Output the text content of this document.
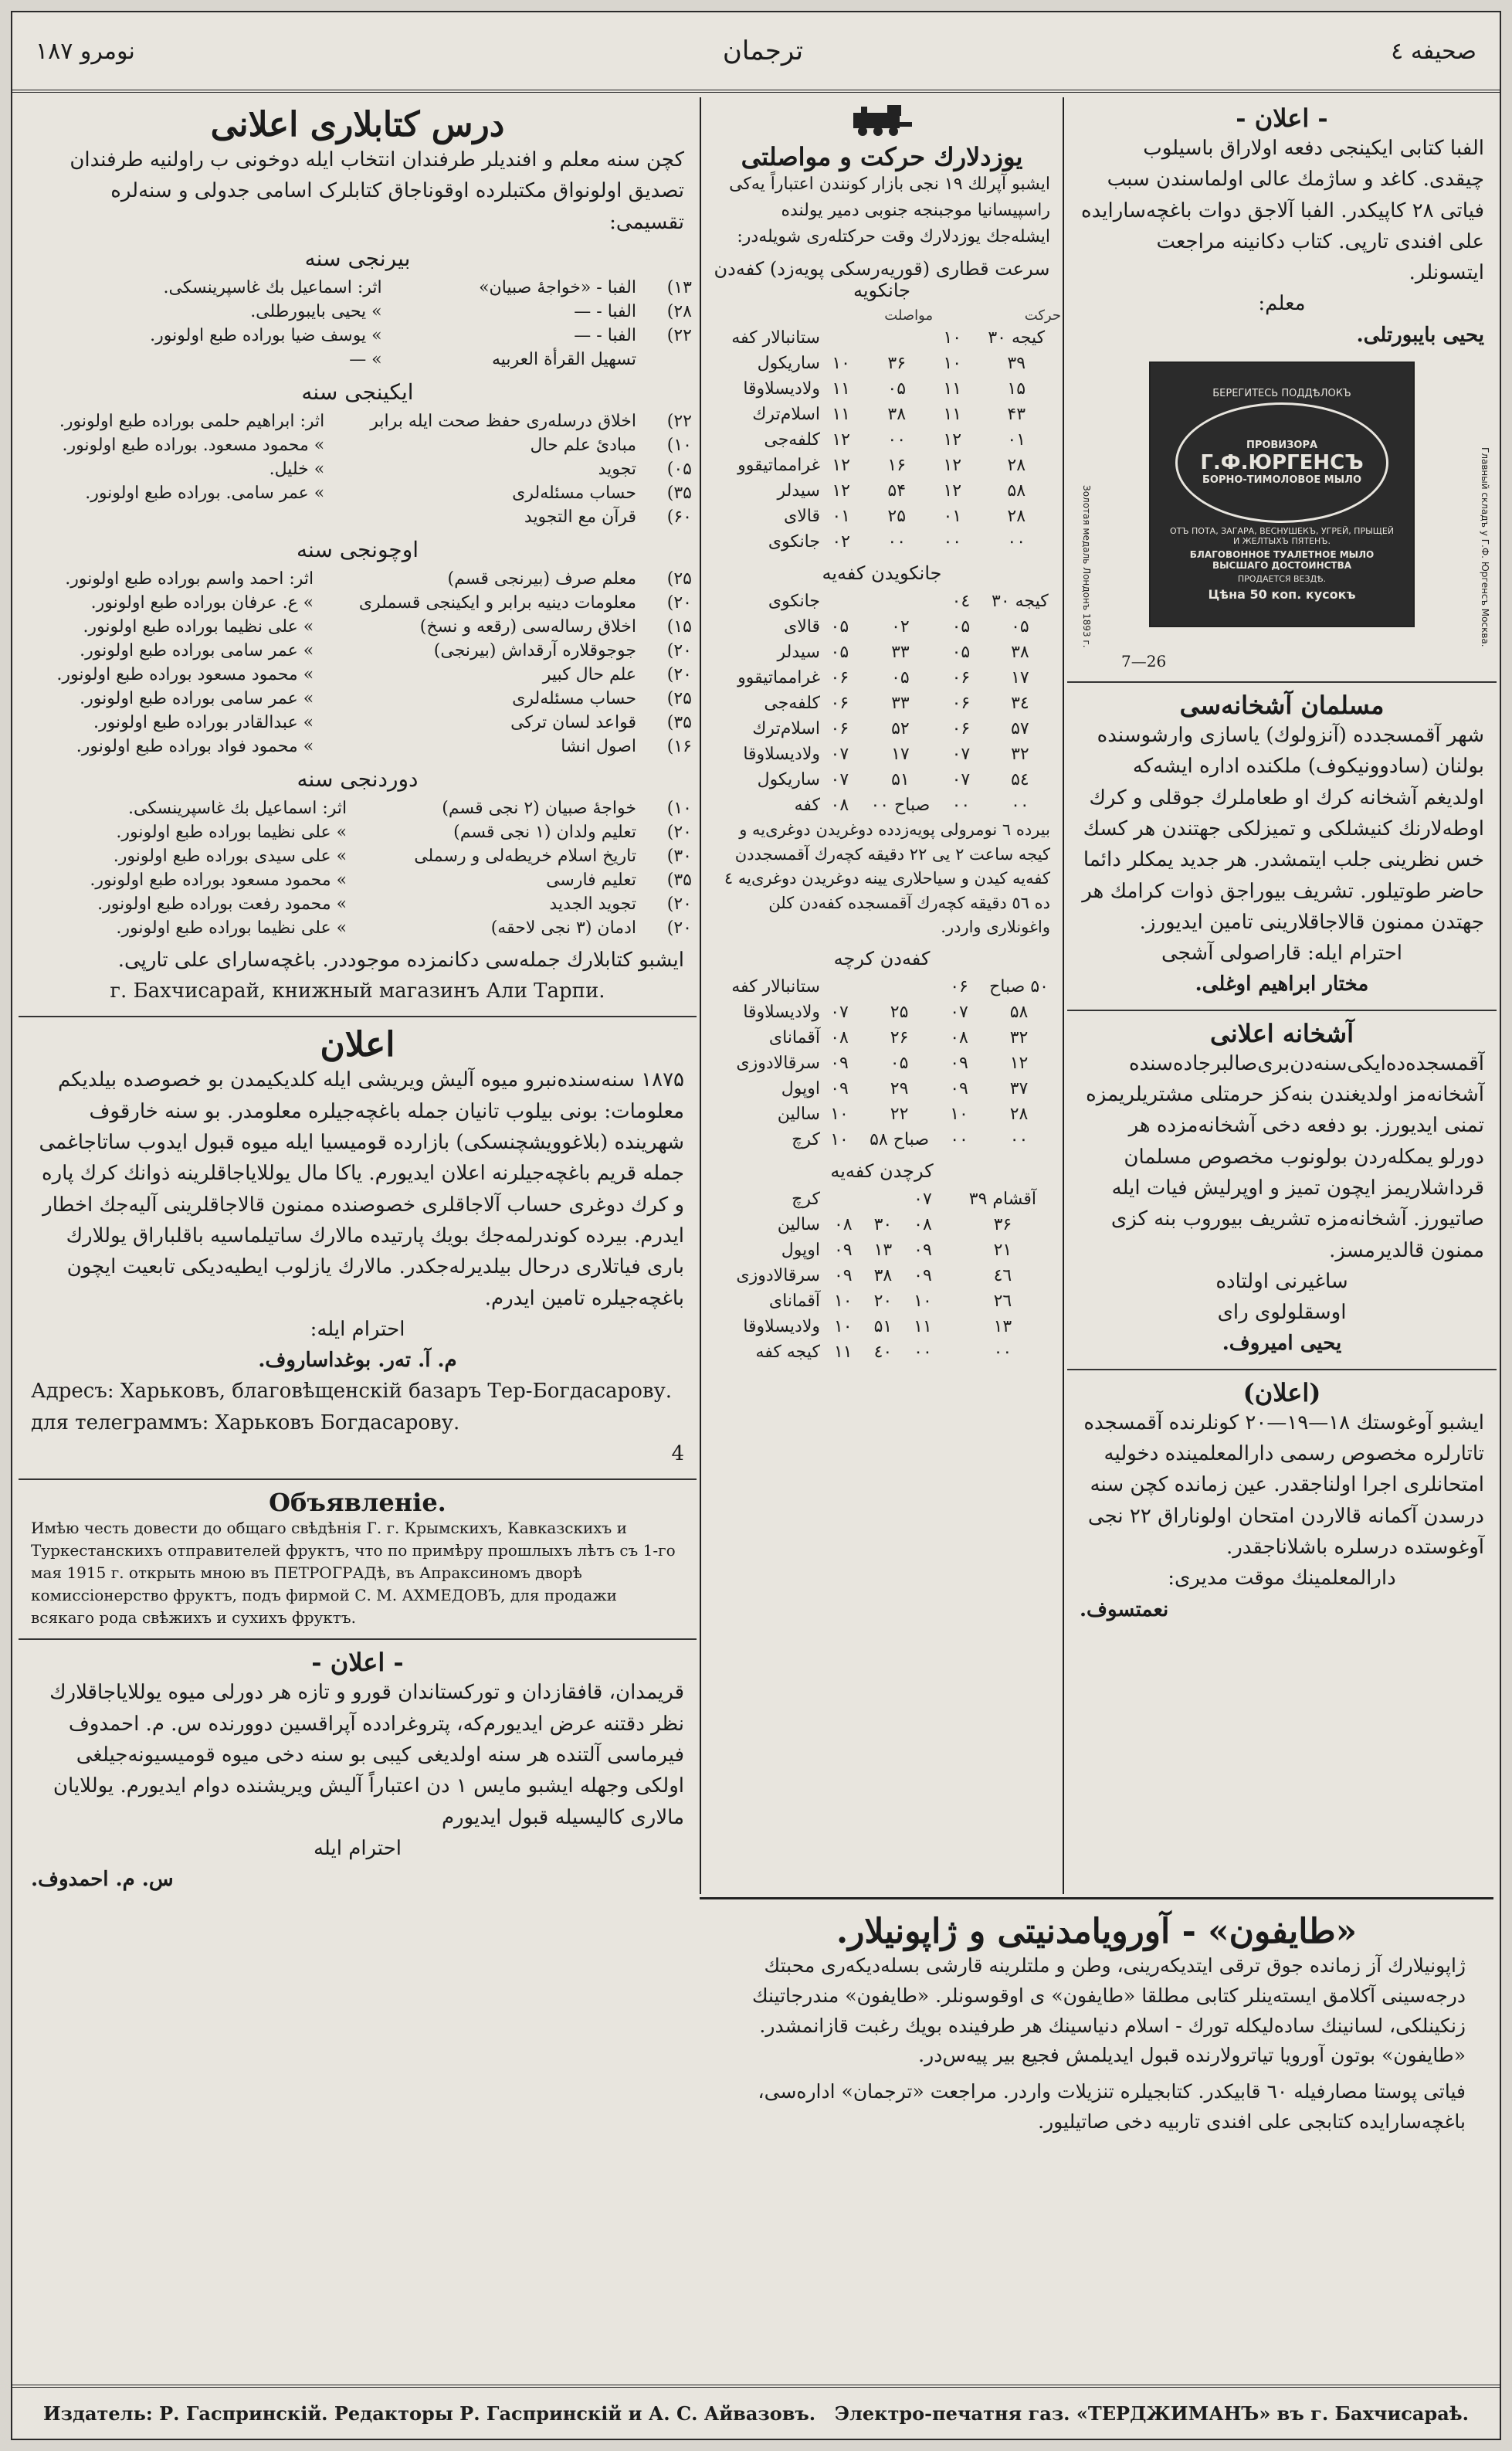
نومرو ۱۸۷	ترجمان	صحیفه ٤
درس کتابلاری اعلانی
کچن سنه معلم و افندیلر طرفندان انتخاب ایله دوخونی ب راولنیه طرفندان تصدیق اولونواق مکتبلرده اوقوناجاق کتابلرک اسامی جدولی و سنه‌لره تقسیمی:
بیرنجی سنه
۱۳)	الفبا - «خواجهٔ صبیان»	اثر: اسماعیل بك غاسپرینسکی.
۲۸)	الفبا - —	» یحیی بایبورطلی.
۲۲)	الفبا - —	» یوسف ضیا بوراده طبع اولونور.
	تسهیل القرأة العربیه	» —
ایکینجی سنه
۲۲)	اخلاق درسله‌ری حفظ صحت ایله برابر	اثر: ابراهیم حلمی بوراده طبع اولونور.
۱۰)	مبادیٔ علم حال	» محمود مسعود. بوراده طبع اولونور.
۰۵)	تجوید	» خلیل.
۳۵)	حساب مسئله‌لری	» عمر سامی. بوراده طبع اولونور.
۶۰)	قرآن مع التجوید	
اوچونجی سنه
۲۵)	معلم صرف (بیرنجی قسم)	اثر: احمد واسم بوراده طبع اولونور.
۲۰)	معلومات دینیه برابر و ایکینجی قسملری	» ع. عرفان بوراده طبع اولونور.
۱۵)	اخلاق رساله‌سی (رقعه و نسخ)	» علی نظیما بوراده طبع اولونور.
۲۰)	جوجوقلاره آرقداش (بیرنجی)	» عمر سامی بوراده طبع اولونور.
۲۰)	علم حال کبیر	» محمود مسعود بوراده طبع اولونور.
۲۵)	حساب مسئله‌لری	» عمر سامی بوراده طبع اولونور.
۳۵)	قواعد لسان ترکی	» عبدالقادر بوراده طبع اولونور.
۱۶)	اصول انشا	» محمود فواد بوراده طبع اولونور.
دوردنجی سنه
۱۰)	خواجهٔ صبیان (۲ نجی قسم)	اثر: اسماعیل بك غاسپرینسکی.
۲۰)	تعلیم ولدان (۱ نجی قسم)	» علی نظیما بوراده طبع اولونور.
۳۰)	تاریخ اسلام خریطه‌لی و رسملی	» علی سیدی بوراده طبع اولونور.
۳۵)	تعلیم فارسی	» محمود مسعود بوراده طبع اولونور.
۲۰)	تجوید الجدید	» محمود رفعت بوراده طبع اولونور.
۲۰)	ادمان (۳ نجی لاحقه)	» علی نظیما بوراده طبع اولونور.
ایشبو کتابلارك جمله‌سی دکانمزده موجوددر. باغچه‌سارای علی تارپی.
г. Бахчисарай, книжный магазинъ Али Тарпи.
اعلان
۱۸۷۵ سنه‌سنده‌نبرو میوه آلیش ویریشی ایله کلدیکیمدن بو خصوصده بیلدیکم معلومات: بونی بیلوب تانیان جمله باغچه‌جیلره معلومدر. بو سنه خارقوف شهرینده (بلاغوویشچنسکی) بازارده قومیسیا ایله میوه قبول ایدوب ساتاجاغمی جمله قریم باغچه‌جیلرنه اعلان ایدیورم. یاکا مال یوللایاجاقلرینه ذوانك كرك پاره و كرك دوغری حساب آلاجاقلری خصوصنده ممنون قالاجاقلرینی آلیه‌جك اخطار ایدرم. بیرده کوندرلمه‌جك بویك پارتیده مالارك ساتیلماسیه باقلباراق یوللارك باری فیاتلاری درحال بیلدیرله‌جکدر. مالارك یازلوب ایطیه‌دیکی تابعیت ایچون باغچه‌جیلره تامین ایدرم.
احترام ایله:
م. آ. تەر. بوغداساروف.
Адресъ: Харьковъ, благовѣщенскій базаръ Тер-Богдасарову.
для телеграммъ: Харьковъ Богдасарову.
4
Объявленіе.
Имѣю честь довести до общаго свѣдѣнія Г. г. Крымскихъ, Кавказскихъ и Туркестанскихъ отправителей фруктъ, что по примѣру прошлыхъ лѣтъ съ 1-го мая 1915 г. открыть мною въ ПЕТРОГРАДѣ, въ Апраксиномъ дворѣ комиссіонерство фруктъ, подъ фирмой С. М. АХМЕДОВЪ, для продажи всякаго рода свѣжихъ и сухихъ фруктъ.
- اعلان -
قریمدان، قافقازدان و تورکستاندان قورو و تازه هر دورلی میوه یوللایاجاقلارك نظر دقتنه عرض ایدیورم‌که، پتروغرادده آپراقسین دوورنده س. م. احمدوف فیرماسی آلتنده هر سنه اولدیغی کیبی بو سنه دخی میوه‌ قومیسیونه‌جیلغی اولکی وجهله ایشبو مایس ۱ دن اعتباراً آلیش ویریشنده دوام ایدیورم. یوللایان مالاری کالیسیله قبول ایدیورم
احترام ایله
س. م. احمدوف.
یوزدلارك حرکت و مواصلتی
ایشبو آپرلك ۱۹ نجی بازار کونندن اعتباراً یه‌کی راسپیسانیا موجبنجه جنوبی دمیر یولنده ایشله‌جك یوزدلارك وقت حرکتله‌ری شویله‌در:
سرعت قطاری (قوریه‌رسکی پویه‌زد) کفه‌دن جانکویه
حرکت		مواصلت		
کیجه ۳۰	۱۰			ستانبالار کفه
۳۹	۱۰	۳۶	۱۰	ساریکول
۱۵	۱۱	۰۵	۱۱	ولادیسلاوقا
۴۳	۱۱	۳۸	۱۱	اسلام‌ترك
۰۱	۱۲	۰۰	۱۲	کلفه‌جی
۲۸	۱۲	۱۶	۱۲	غرامماتیقوو
۵۸	۱۲	۵۴	۱۲	سیدلر
۲۸	۰۱	۲۵	۰۱	قالای
۰۰	۰۰	۰۰	۰۲	جانکوی
جانکویدن کفه‌یه
کیجه ۳۰	۰٤			جانکوی
۰۵	۰۵	۰۲	۰۵	قالای
۳۸	۰۵	۳۳	۰۵	سیدلر
۱۷	۰۶	۰۵	۰۶	غرامماتیقوو
۳٤	۰۶	۳۳	۰۶	کلفه‌جی
۵۷	۰۶	۵۲	۰۶	اسلام‌ترك
۳۲	۰۷	۱۷	۰۷	ولادیسلاوقا
۵٤	۰۷	۵۱	۰۷	ساریکول
۰۰	۰۰	صباح ۰۰	۰۸	کفه
بیرده ٦ نومرولی پویه‌زدده دوغریدن دوغری‌یه و کیجه ساعت ۲ یی ۲۲ دقیقه کچه‌رك آقمسجددن کفه‌یه کیدن و سیاحلاری یینه دوغریدن دوغری‌یه ٤ ده ٥٦ دقیقه کچه‌رك آقمسجده کفه‌دن کلن واغونلاری واردر.
کفه‌دن کرچه
۵۰ صباح	۰۶			ستانبالار کفه
۵۸	۰۷	۲۵	۰۷	ولادیسلاوقا
۳۲	۰۸	۲۶	۰۸	آقمانای
۱۲	۰۹	۰۵	۰۹	سرقالادوزی
۳۷	۰۹	۲۹	۰۹	اوپول
۲۸	۱۰	۲۲	۱۰	سالین
۰۰	۰۰	صباح ۵۸	۱۰	کرچ
کرچدن کفه‌یه
آقشام ۳۹	۰۷			کرچ
۳۶	۰۸	۳۰	۰۸	سالین
۲۱	۰۹	۱۳	۰۹	اوپول
٤٦	۰۹	۳۸	۰۹	سرقالادوزی
۲٦	۱۰	۲۰	۱۰	آقمانای
۱۳	۱۱	۵۱	۱۰	ولادیسلاوقا
۰۰	۰۰	٤۰	۱۱	کیجه کفه
- اعلان -
الفبا کتابی ایکینجی دفعه اولاراق باسیلوب چیقدی. کاغد و ساژمك عالی اولماسندن سبب فیاتی ۲۸ کاپیکدر. الفبا آلاجق دوات باغچه‌سارایده علی افندی تارپی. کتاب دکانینه مراجعت ایتسونلر.
معلم:
یحیی بایبورتلی.
Золотая медаль Лондонъ 1893 г.
БЕРЕГИТЕСЬ ПОДДѢЛОКЪ
ПРОВИЗОРА
Г.Ф.ЮРГЕНСЪ
БОРНО-ТИМОЛОВОЕ МЫЛО
ОТЪ ПОТА, ЗАГАРА, ВЕСНУШЕКЪ, УГРЕЙ, ПРЫЩЕЙ И ЖЕЛТЫХЪ ПЯТЕНЪ.
БЛАГОВОННОЕ ТУАЛЕТНОЕ МЫЛО ВЫСШАГО ДОСТОИНСТВА
ПРОДАЕТСЯ ВЕЗДѢ.
Цѣна 50 коп. кусокъ	Главный складъ у Г.Ф. Юргенсъ Москва.
7—26
مسلمان آشخانه‌سی
شهر آقمسجدده (آنزولوك) یاسازی وارشوسنده بولنان (سادوونیکوف) ملکنده اداره ایشه‌که اولدیغم آشخانه کرك او طعاملرك جوقلی و کرك اوطه‌لارنك کنیشلکی و تمیزلکی جهتندن هر کسك خس نظرینی جلب ایتمشدر. هر جدید یمکلر دائما حاضر طوتیلور. تشریف بیوراجق ذوات کرامك هر جهتدن ممنون قالاجاقلارینی تامین ایدیورز.
احترام ایله: قاراصولی آشجی
مختار ابراهیم اوغلی.
آشخانه اعلانی
آقمسجده‌ده‌ایکی‌سنه‌دن‌بری‌صالبرجاده‌سنده آشخانه‌مز اولدیغندن بنه‌کز حرمتلی مشتریلریمزه تمنی ایدیورز. بو دفعه دخی آشخانه‌مزده هر دورلو یمکله‌ردن بولونوب مخصوص مسلمان قرداشلاریمز ایچون تمیز و اوپرلیش فیات ایله صاتیورز. آشخانه‌مزه تشریف بیوروب بنه کزی ممنون قالدیرمسز.
ساغیرنی اولتاده
اوسقلولوی رای
یحیی امیروف.
(اعلان)
ایشبو آوغوستك ۱۸—۱۹—۲۰ کونلرنده آقمسجده تاتارلره مخصوص رسمی دارالمعلمینده دخولیه امتحانلری اجرا اولناجقدر. عین زمانده کچن سنه درسدن آکمانه قالاردن امتحان اولوناراق ۲۲ نجی آوغوستده درسلره باشلاناجقدر.
دارالمعلمینك موقت مدیری:
نعمتسوف.
«طایفون» - آورویامدنیتی و ژاپونیلار.
ژاپونیلارك آز زمانده جوق ترقی ایتدیکه‌رینی، وطن و ملتلرینه قارشی بسله‌دیکه‌ری محبتك درجه‌سینی آکلامق ایسته‌ینلر کتابی مطلقا «طایفون» ی اوقوسونلر. «طایفون» مندرجاتینك زنکینلکی، لسانینك ساده‌لیکله تورك - اسلام دنیاسینك هر طرفینده بویك رغبت قازانمشدر. «طایفون» بوتون آورویا تیاترولارنده قبول ایدیلمش فجیع بیر پیه‌س‌در.
فیاتی پوستا مصارفیله ٦۰ قابیکدر. کتابجیلره تنزیلات واردر. مراجعت «ترجمان» اداره‌سی، باغچه‌سارایده کتابجی علی‌ افندی تاربیه دخی صاتیلیور.
Издатель: Р. Гаспринскій. Редакторы Р. Гаспринскій и А. С. Айвазовъ. Электро-печатня газ. «ТЕРДЖИМАНЪ» въ г. Бахчисараѣ.
